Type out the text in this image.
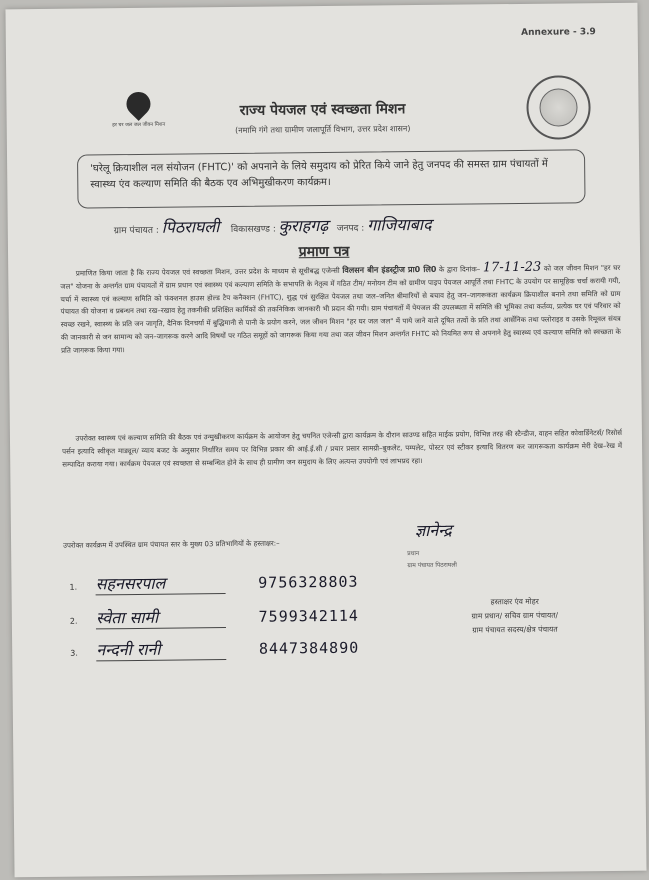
Annexure - 3.9
हर घर जल जल जीवन मिशन
राज्य पेयजल एवं स्वच्छता मिशन
(नमामि गंगे तथा ग्रामीण जलापूर्ति विभाग, उत्तर प्रदेश शासन)
'घरेलू क्रियाशील नल संयोजन (FHTC)' को अपनाने के लिये समुदाय को प्रेरित किये जाने हेतु जनपद की समस्त ग्राम पंचायतों में स्वास्थ्य एंव कल्याण समिति की बैठक एव अभिमुखीकरण कार्यक्रम।
ग्राम पंचायत : पिठराघली विकासखण्ड : कुराहगढ़ जनपद : गाजियाबाद
प्रमाण पत्र
प्रमाणित किया जाता है कि राज्य पेयजल एवं स्वच्छता मिशन, उत्तर प्रदेश के माध्यम से सूचीबद्ध एजेन्सी विलसन बीन इंडस्ट्रीज प्रा0 लि0 के द्वारा दिनांक– 17-11-23 को जल जीवन मिशन "हर घर जल" योजना के अन्तर्गत ग्राम पंचायतों में ग्राम प्रधान एवं स्वास्थ्य एवं कल्याण समिति के सभापति के नेतृत्व में गठित टीम/ मनोयन टीम को ग्रामीण पाइप पेयजल आपूर्ति तथा FHTC के उपयोग पर सामूहिक चर्चा करायी गयी, चर्चा में स्वास्थ्य एवं कल्याण समिति को फंक्शनल हाउस होल्ड टैप कनैक्शन (FHTC), शुद्ध एवं सुरक्षित पेयजल तथा जल–जनित बीमारियों से बचाव हेतु जन–जागरूकता कार्यक्रम क्रियाशील बनाने तथा समिति को ग्राम पंचायत की योजना व प्रबन्धन तथा रख–रखाव हेतु तकनीकी प्रशिक्षित कार्मिकों की तकनिकिक जानकारी भी प्रदान की गयी। ग्राम पंचायतों में पेयजल की उपलब्धता में समिति की भूमिका तथा कर्तव्य, प्रत्येक घर एवं परिवार को स्वच्छ रखने, स्वास्थ्य के प्रति जन जागृति, दैनिक दिनचर्या में बुद्धिमानी से पानी के प्रयोग करने, जल जीवन मिशन "हर घर जल जल" में पाये जाने वाले दूषित तत्वों के प्रति तथा आर्सेनिक तथा फ्लोराइड व उसके रिमूवल संयत्र की जानकारी से जन सामान्य को जन–जागरूक करने आदि विषयों पर गठित समूहों को जागरूक किया गया तथा जल जीवन मिशन अन्तर्गत FHTC को नियमित रूप से अपनाने हेतु स्वास्थ्य एवं कल्याण समिति को स्वच्छता के प्रति जागरूक किया गया।
उपरोक्त स्वास्थ्य एवं कल्याण समिति की बैठक एवं उन्मुखीकरण कार्यक्रम के आयोजन हेतु चयनित एजेन्सी द्वारा कार्यक्रम के दौरान साउण्ड सहित माईक प्रयोग, विभिन्न तरह की स्टैन्डीज, वाहन सहित कोवार्डिनेटर्स/ रिसोर्स पर्सन इत्यादि स्वीकृत माड्यूल/ व्याय बजट के अनुसार निर्धारित समय पर विभिन्न प्रकार की आई.ई.सी / प्रचार प्रसार सामग्री–बुकलेट, पम्पलेट, पोस्टर एवं स्टीकर इत्यादि वितरण कर जागरूकता कार्यक्रम मेरी देख–रेख में सम्पादित कराया गया। कार्यक्रम पेयजल एवं स्वच्छता से सम्बन्धित होने के साथ ही ग्रामीण जन समुदाय के लिए अत्यन्त उपयोगी एवं लाभप्रद रहा।
उपरोक्त कार्यक्रम में उपस्थित ग्राम पंचायत स्तर के मुख्य 03 प्रतिभागियों के हस्ताक्षर:–
1. सहनसरपाल	9756328803
2. स्वेता सामी	7599342114
3. नन्दनी रानी	8447384890
ज्ञानेन्द्र
प्रधान
ग्राम पंचायत पिठराघली
हस्ताक्षर एंव मोहर
ग्राम प्रधान/ सचिव ग्राम पंचायत/
ग्राम पंचायत सदस्य/क्षेत्र पंचायत
